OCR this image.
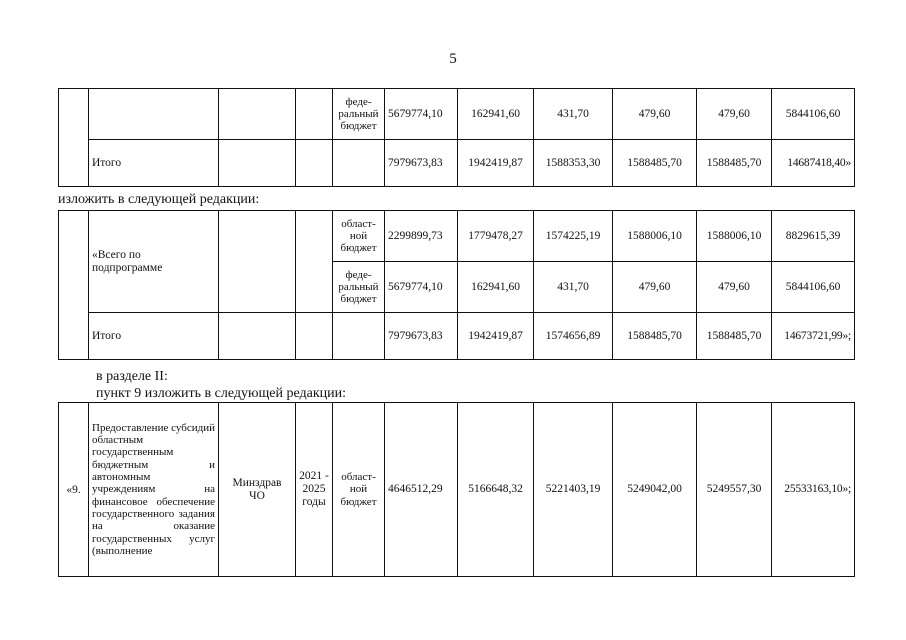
5
				феде-
ральный
бюджет	5679774,10	162941,60	431,70	479,60	479,60	5844106,60
	Итого				7979673,83	1942419,87	1588353,30	1588485,70	1588485,70	14687418,40»
изложить в следующей редакции:
	«Всего по
подпрограмме			област-
ной
бюджет	2299899,73	1779478,27	1574225,19	1588006,10	1588006,10	8829615,39
				феде-
ральный
бюджет	5679774,10	162941,60	431,70	479,60	479,60	5844106,60
	Итого				7979673,83	1942419,87	1574656,89	1588485,70	1588485,70	14673721,99»;
в разделе II:
пункт 9 изложить в следующей редакции:
«9.	Предоставление субсидий областным государственным бюджетным и автономным учреждениям на финансовое обеспечение государственного задания на оказание государственных услуг (выполнение	Минздрав
ЧО	2021 -
2025
годы	област-
ной
бюджет	4646512,29	5166648,32	5221403,19	5249042,00	5249557,30	25533163,10»;
